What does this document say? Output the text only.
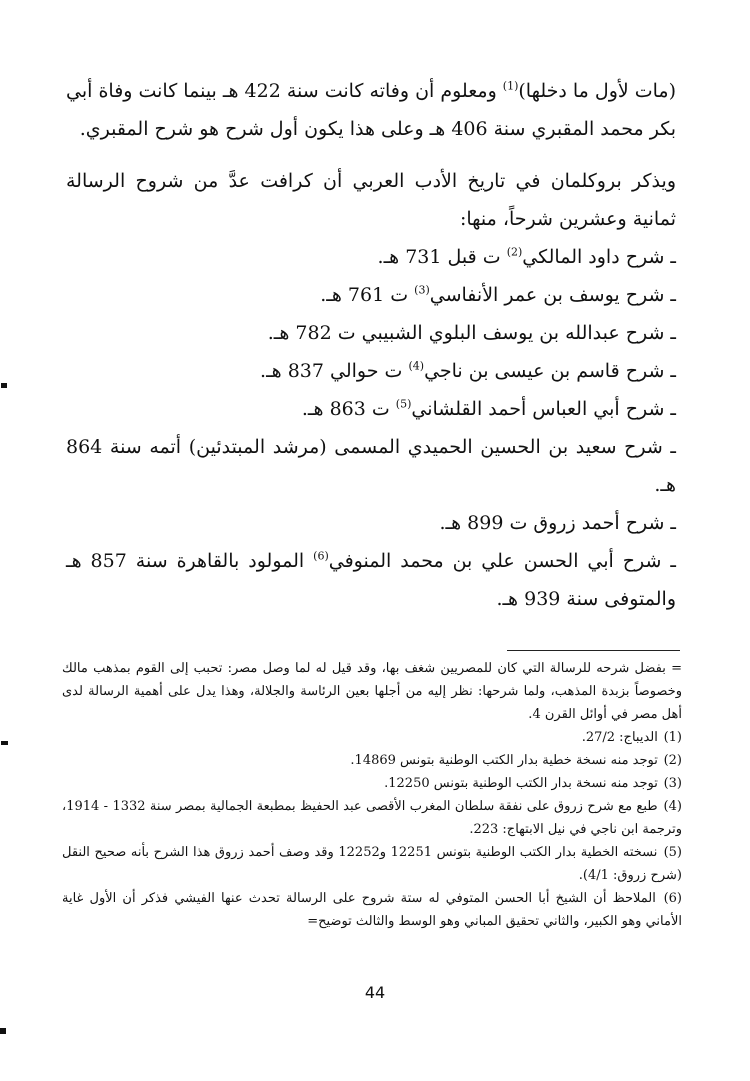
(مات لأول ما دخلها)$^{(1)}$ ومعلوم أن وفاته كانت سنة 422 هـ بينما كانت وفاة أبي بكر محمد المقبري سنة 406 هـ وعلى هذا يكون أول شرح هو شرح المقبري.

ويذكر بروكلمان في تاريخ الأدب العربي أن كرافت عدَّ من شروح الرسالة ثمانية وعشرين شرحاً، منها:

ـ شرح داود المالكي$^{(2)}$ ت قبل 731 هـ.
ـ شرح يوسف بن عمر الأنفاسي$^{(3)}$ ت 761 هـ.
ـ شرح عبدالله بن يوسف البلوي الشبيبي ت 782 هـ.
ـ شرح قاسم بن عيسى بن ناجي$^{(4)}$ ت حوالي 837 هـ.
ـ شرح أبي العباس أحمد القلشاني$^{(5)}$ ت 863 هـ.
ـ شرح سعيد بن الحسين الحميدي المسمى (مرشد المبتدئين) أتمه سنة 864 هـ.
ـ شرح أحمد زروق ت 899 هـ.
ـ شرح أبي الحسن علي بن محمد المنوفي$^{(6)}$ المولود بالقاهرة سنة 857 هـ والمتوفى سنة 939 هـ.

= بفضل شرحه للرسالة التي كان للمصريين شغف بها، وقد قيل له لما وصل مصر: تحبب إلى القوم بمذهب مالك وخصوصاً بزبدة المذهب، ولما شرحها: نظر إليه من أجلها بعين الرئاسة والجلالة، وهذا يدل على أهمية الرسالة لدى أهل مصر في أوائل القرن 4.

(1) الديباج: 27/2.

(2) توجد منه نسخة خطية بدار الكتب الوطنية بتونس 14869.

(3) توجد منه نسخة بدار الكتب الوطنية بتونس 12250.

(4) طبع مع شرح زروق على نفقة سلطان المغرب الأقصى عبد الحفيظ بمطبعة الجمالية بمصر سنة 1332 - 1914، وترجمة ابن ناجي في نيل الابتهاج: 223.

(5) نسخته الخطية بدار الكتب الوطنية بتونس 12251 و12252 وقد وصف أحمد زروق هذا الشرح بأنه صحيح النقل (شرح زروق: 4/1).

(6) الملاحظ أن الشيخ أبا الحسن المتوفي له ستة شروح على الرسالة تحدث عنها الفيشي فذكر أن الأول غاية الأماني وهو الكبير، والثاني تحقيق المباني وهو الوسط والثالث توضيح=

44
